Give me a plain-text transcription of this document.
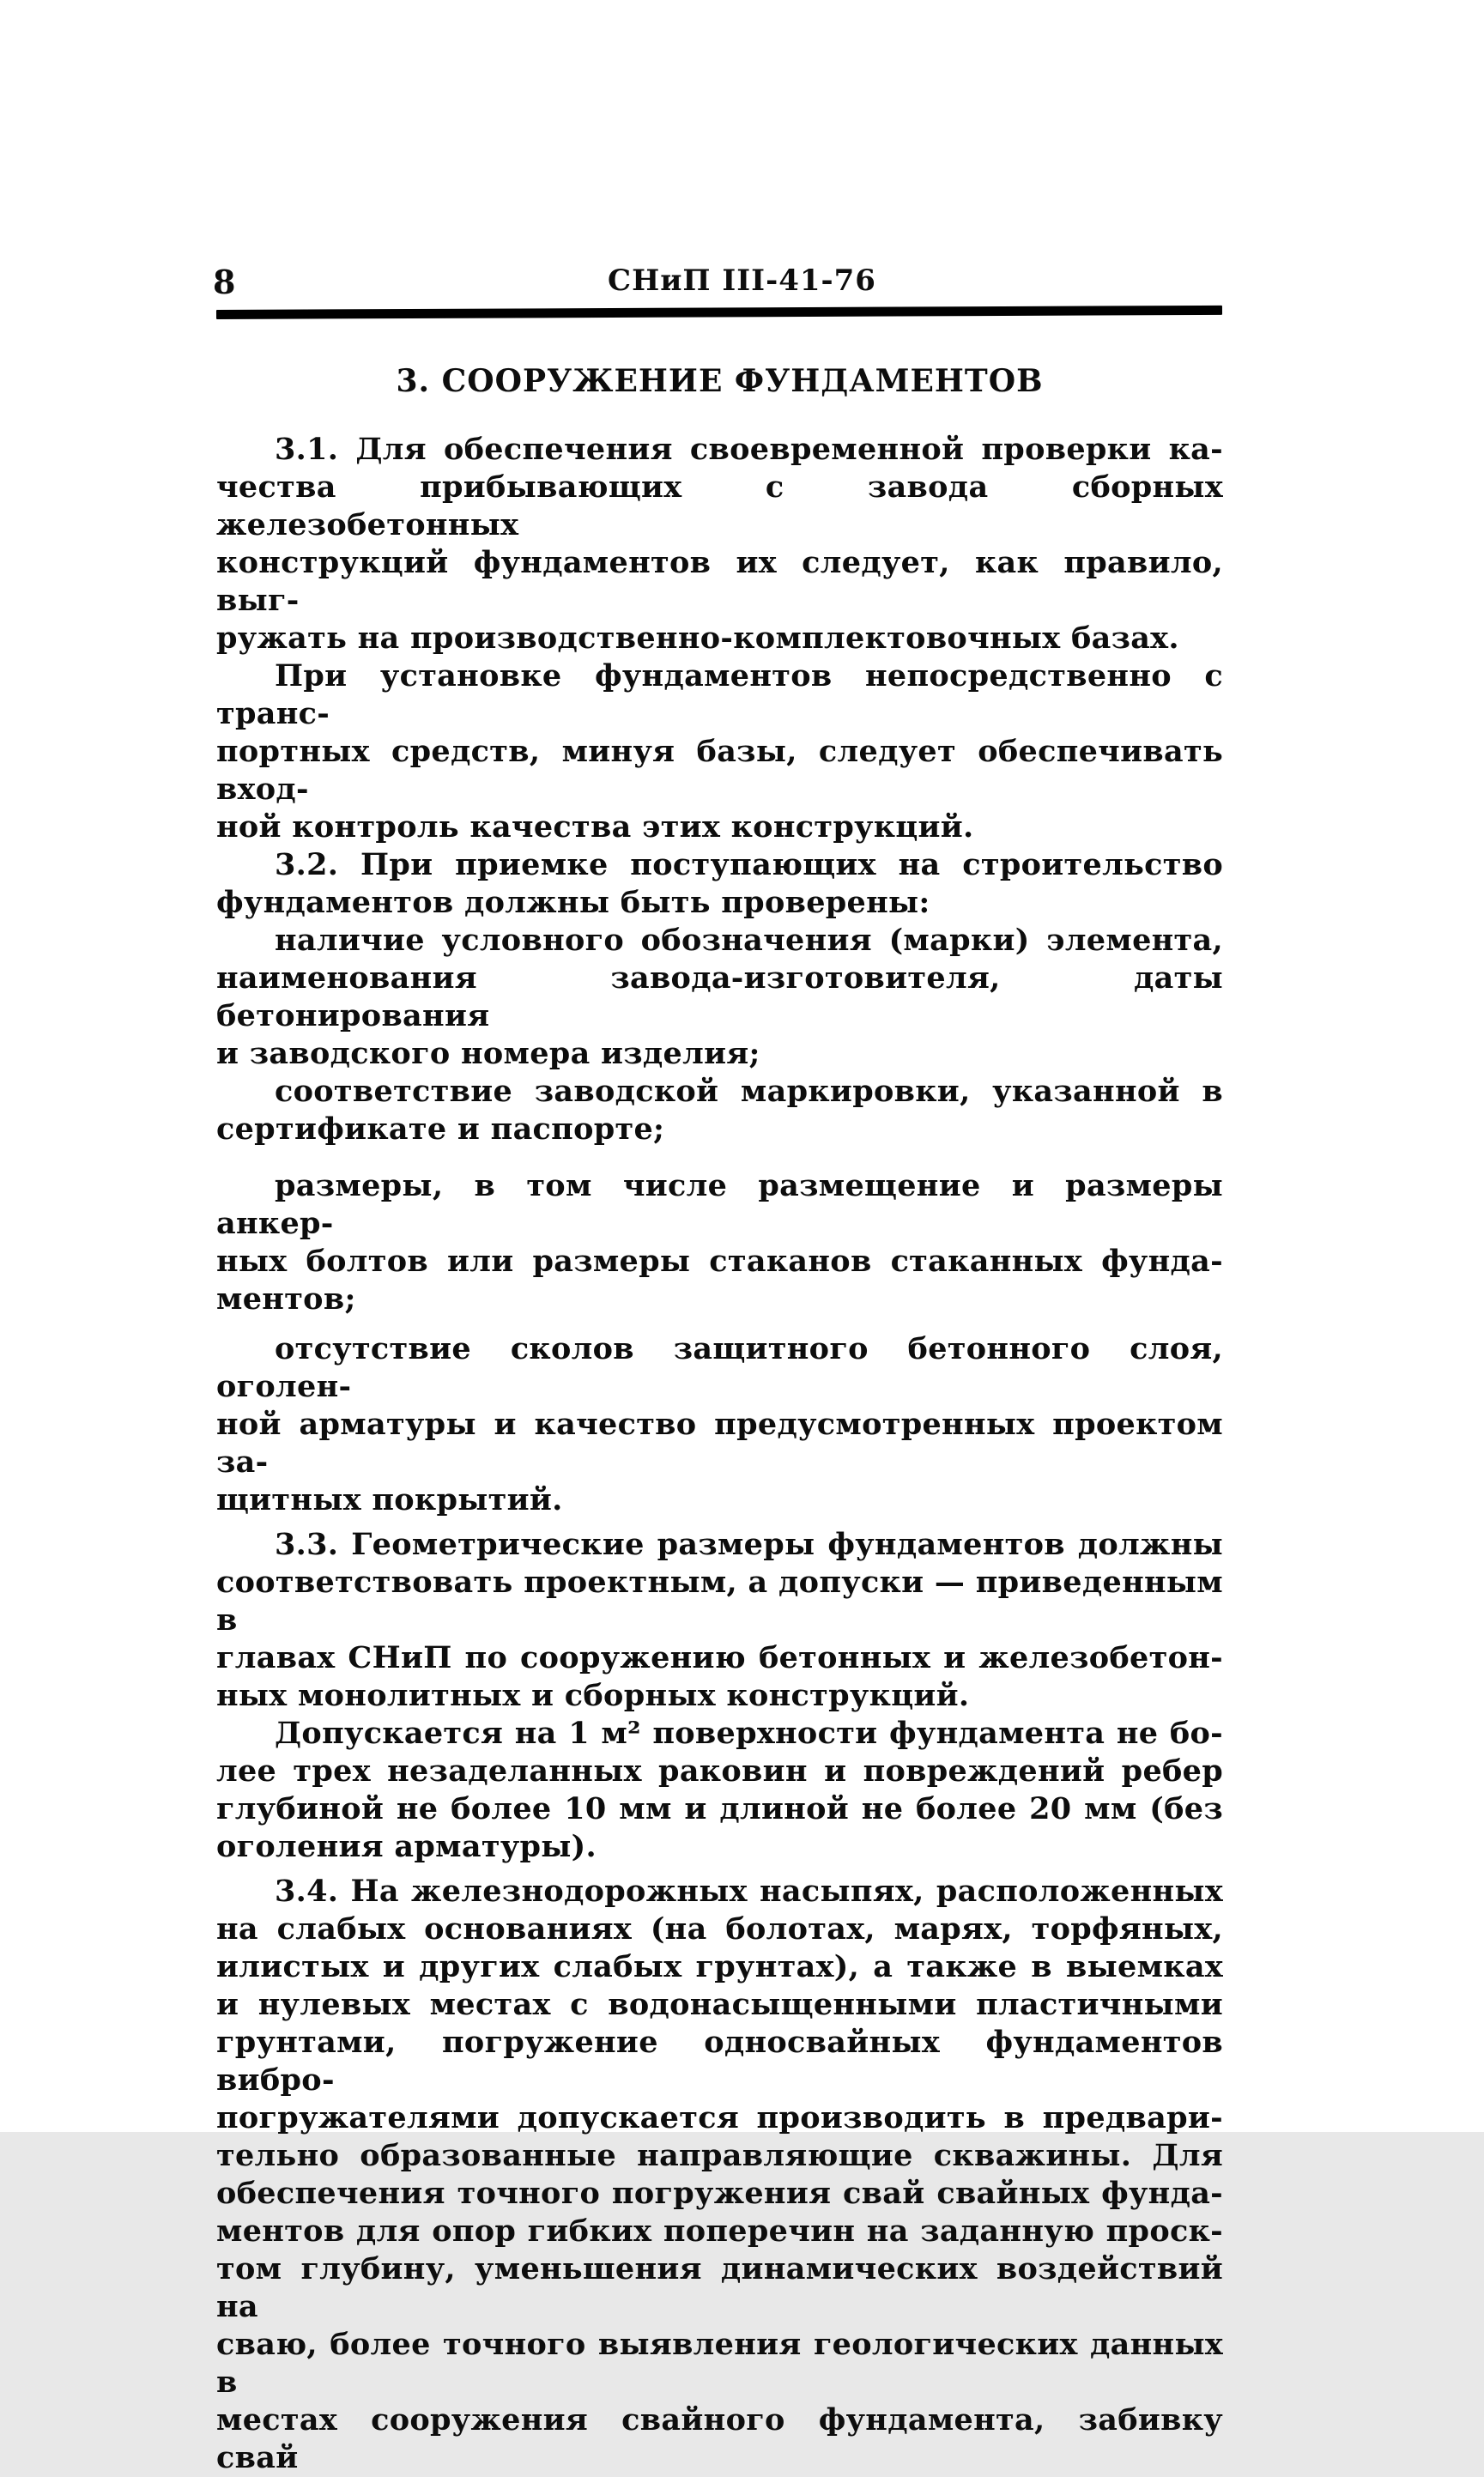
8	СНиП III-41-76
3. СООРУЖЕНИЕ ФУНДАМЕНТОВ
3.1. Для обеспечения своевременной проверки ка-
чества прибывающих с завода сборных железобетонных
конструкций фундаментов их следует, как правило, выг-
ружать на производственно-комплектовочных базах.
При установке фундаментов непосредственно с транс-
портных средств, минуя базы, следует обеспечивать вход-
ной контроль качества этих конструкций.
3.2. При приемке поступающих на строительство
фундаментов должны быть проверены:
наличие условного обозначения (марки) элемента,
наименования завода-изготовителя, даты бетонирования
и заводского номера изделия;
соответствие заводской маркировки, указанной в
сертификате и паспорте;
размеры, в том числе размещение и размеры анкер-
ных болтов или размеры стаканов стаканных фунда-
ментов;
отсутствие сколов защитного бетонного слоя, оголен-
ной арматуры и качество предусмотренных проектом за-
щитных покрытий.
3.3. Геометрические размеры фундаментов должны
соответствовать проектным, а допуски — приведенным в
главах СНиП по сооружению бетонных и железобетон-
ных монолитных и сборных конструкций.
Допускается на 1 м² поверхности фундамента не бо-
лее трех незаделанных раковин и повреждений ребер
глубиной не более 10 мм и длиной не более 20 мм (без
оголения арматуры).
3.4. На железнодорожных насыпях, расположенных
на слабых основаниях (на болотах, марях, торфяных,
илистых и других слабых грунтах), а также в выемках
и нулевых местах с водонасыщенными пластичными
грунтами, погружение односвайных фундаментов вибро-
погружателями допускается производить в предвари-
тельно образованные направляющие скважины. Для
обеспечения точного погружения свай свайных фунда-
ментов для опор гибких поперечин на заданную проск-
том глубину, уменьшения динамических воздействий на
сваю, более точного выявления геологических данных в
местах сооружения свайного фундамента, забивку свай
